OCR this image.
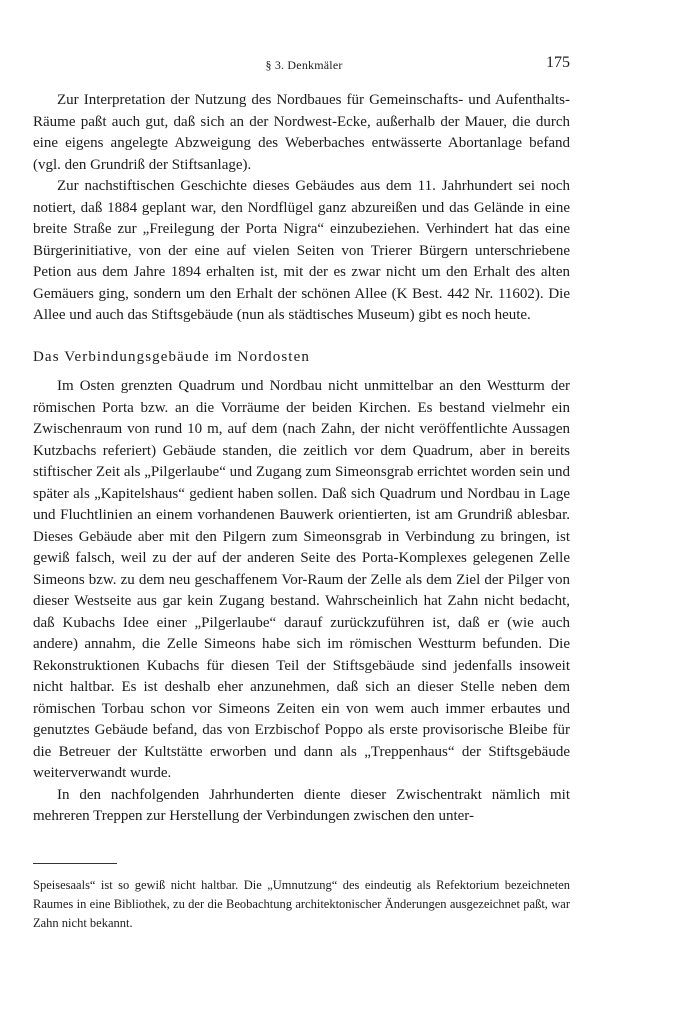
§ 3. Denkmäler	175

Zur Interpretation der Nutzung des Nordbaues für Gemeinschafts- und Aufenthalts-Räume paßt auch gut, daß sich an der Nordwest-Ecke, außerhalb der Mauer, die durch eine eigens angelegte Abzweigung des Weberbaches entwässerte Abortanlage befand (vgl. den Grundriß der Stiftsanlage).

Zur nachstiftischen Geschichte dieses Gebäudes aus dem 11. Jahrhundert sei noch notiert, daß 1884 geplant war, den Nordflügel ganz abzureißen und das Gelände in eine breite Straße zur „Freilegung der Porta Nigra“ einzubeziehen. Verhindert hat das eine Bürgerinitiative, von der eine auf vielen Seiten von Trierer Bürgern unterschriebene Petion aus dem Jahre 1894 erhalten ist, mit der es zwar nicht um den Erhalt des alten Gemäuers ging, sondern um den Erhalt der schönen Allee (K Best. 442 Nr. 11602). Die Allee und auch das Stiftsgebäude (nun als städtisches Museum) gibt es noch heute.

Das Verbindungsgebäude im Nordosten

Im Osten grenzten Quadrum und Nordbau nicht unmittelbar an den Westturm der römischen Porta bzw. an die Vorräume der beiden Kirchen. Es bestand vielmehr ein Zwischenraum von rund 10 m, auf dem (nach Zahn, der nicht veröffentlichte Aussagen Kutzbachs referiert) Gebäude standen, die zeitlich vor dem Quadrum, aber in bereits stiftischer Zeit als „Pilgerlaube“ und Zugang zum Simeonsgrab errichtet worden sein und später als „Kapitelshaus“ gedient haben sollen. Daß sich Quadrum und Nordbau in Lage und Fluchtlinien an einem vorhandenen Bauwerk orientierten, ist am Grundriß ablesbar. Dieses Gebäude aber mit den Pilgern zum Simeonsgrab in Verbindung zu bringen, ist gewiß falsch, weil zu der auf der anderen Seite des Porta-Komplexes gelegenen Zelle Simeons bzw. zu dem neu geschaffenem Vor-Raum der Zelle als dem Ziel der Pilger von dieser Westseite aus gar kein Zugang bestand. Wahrscheinlich hat Zahn nicht bedacht, daß Kubachs Idee einer „Pilgerlaube“ darauf zurückzuführen ist, daß er (wie auch andere) annahm, die Zelle Simeons habe sich im römischen Westturm befunden. Die Rekonstruktionen Kubachs für diesen Teil der Stiftsgebäude sind jedenfalls insoweit nicht haltbar. Es ist deshalb eher anzunehmen, daß sich an dieser Stelle neben dem römischen Torbau schon vor Simeons Zeiten ein von wem auch immer erbautes und genutztes Gebäude befand, das von Erzbischof Poppo als erste provisorische Bleibe für die Betreuer der Kultstätte erworben und dann als „Treppenhaus“ der Stiftsgebäude weiterverwandt wurde.

In den nachfolgenden Jahrhunderten diente dieser Zwischentrakt nämlich mit mehreren Treppen zur Herstellung der Verbindungen zwischen den unter-

Speisesaals“ ist so gewiß nicht haltbar. Die „Umnutzung“ des eindeutig als Refektorium bezeichneten Raumes in eine Bibliothek, zu der die Beobachtung architektonischer Änderungen ausgezeichnet paßt, war Zahn nicht bekannt.
